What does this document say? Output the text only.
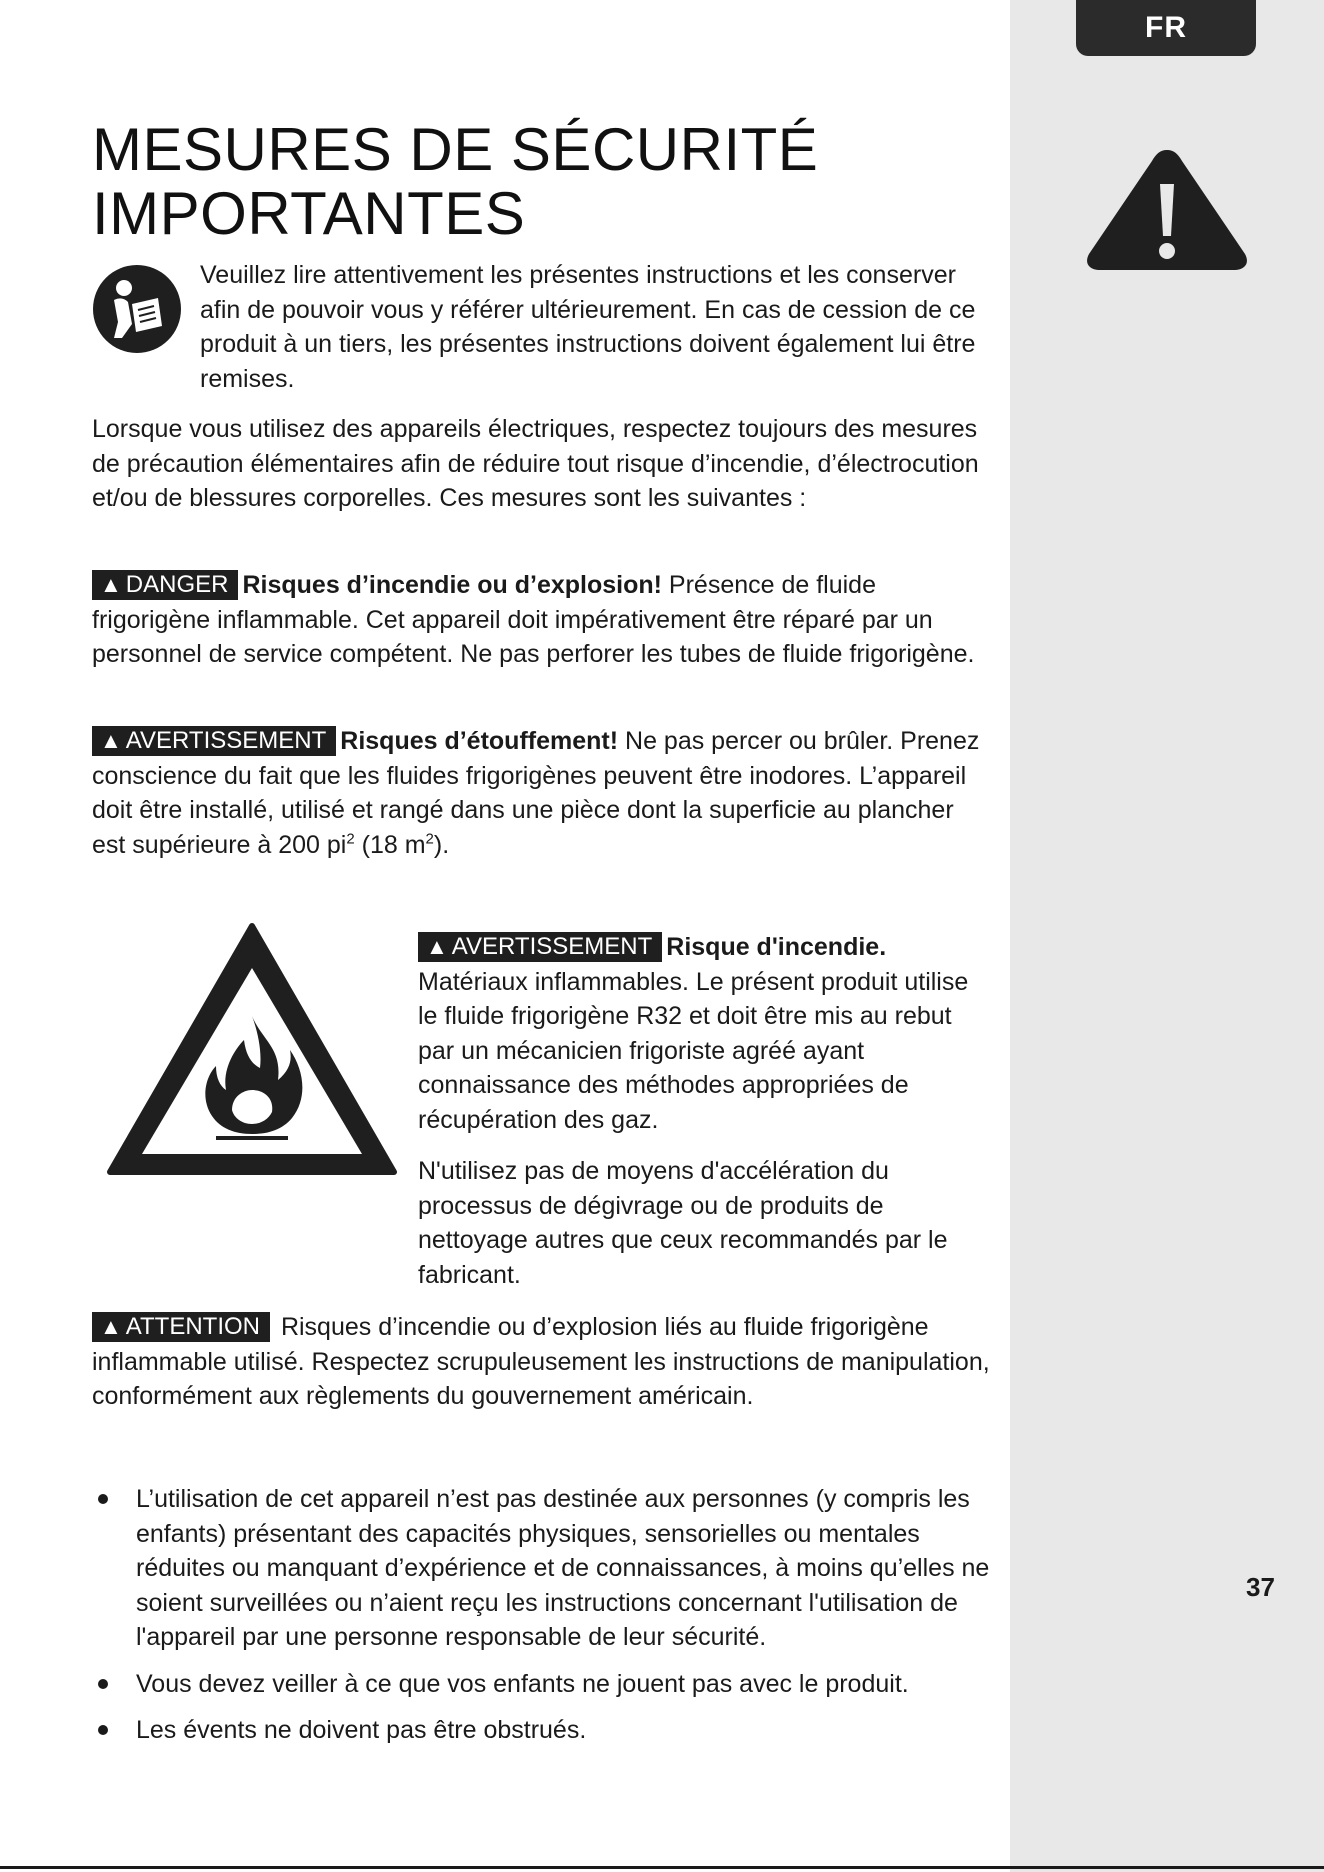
FR
37
MESURES DE SÉCURITÉ
IMPORTANTES

Veuillez lire attentivement les présentes instructions et les conserver afin de pouvoir vous y référer ultérieurement. En cas de cession de ce produit à un tiers, les présentes instructions doivent également lui être remises.

Lorsque vous utilisez des appareils électriques, respectez toujours des mesures de précaution élémentaires afin de réduire tout risque d’incendie, d’électrocution et/ou de blessures corporelles. Ces mesures sont les suivantes :

▲ DANGER Risques d’incendie ou d’explosion! Présence de fluide frigorigène inflammable. Cet appareil doit impérativement être réparé par un personnel de service compétent. Ne pas perforer les tubes de fluide frigorigène.

▲ AVERTISSEMENT Risques d’étouffement! Ne pas percer ou brûler. Prenez conscience du fait que les fluides frigorigènes peuvent être inodores. L’appareil doit être installé, utilisé et rangé dans une pièce dont la superficie au plancher est supérieure à 200 $pi^2$ (18 $m^2$).

▲ AVERTISSEMENT Risque d'incendie. Matériaux inflammables. Le présent produit utilise le fluide frigorigène R32 et doit être mis au rebut par un mécanicien frigoriste agréé ayant connaissance des méthodes appropriées de récupération des gaz.

N'utilisez pas de moyens d'accélération du processus de dégivrage ou de produits de nettoyage autres que ceux recommandés par le fabricant.

▲ ATTENTION Risques d’incendie ou d’explosion liés au fluide frigorigène inflammable utilisé. Respectez scrupuleusement les instructions de manipulation, conformément aux règlements du gouvernement américain.

L’utilisation de cet appareil n’est pas destinée aux personnes (y compris les enfants) présentant des capacités physiques, sensorielles ou mentales réduites ou manquant d’expérience et de connaissances, à moins qu’elles ne soient surveillées ou n’aient reçu les instructions concernant l'utilisation de l'appareil par une personne responsable de leur sécurité.
Vous devez veiller à ce que vos enfants ne jouent pas avec le produit.
Les évents ne doivent pas être obstrués.
